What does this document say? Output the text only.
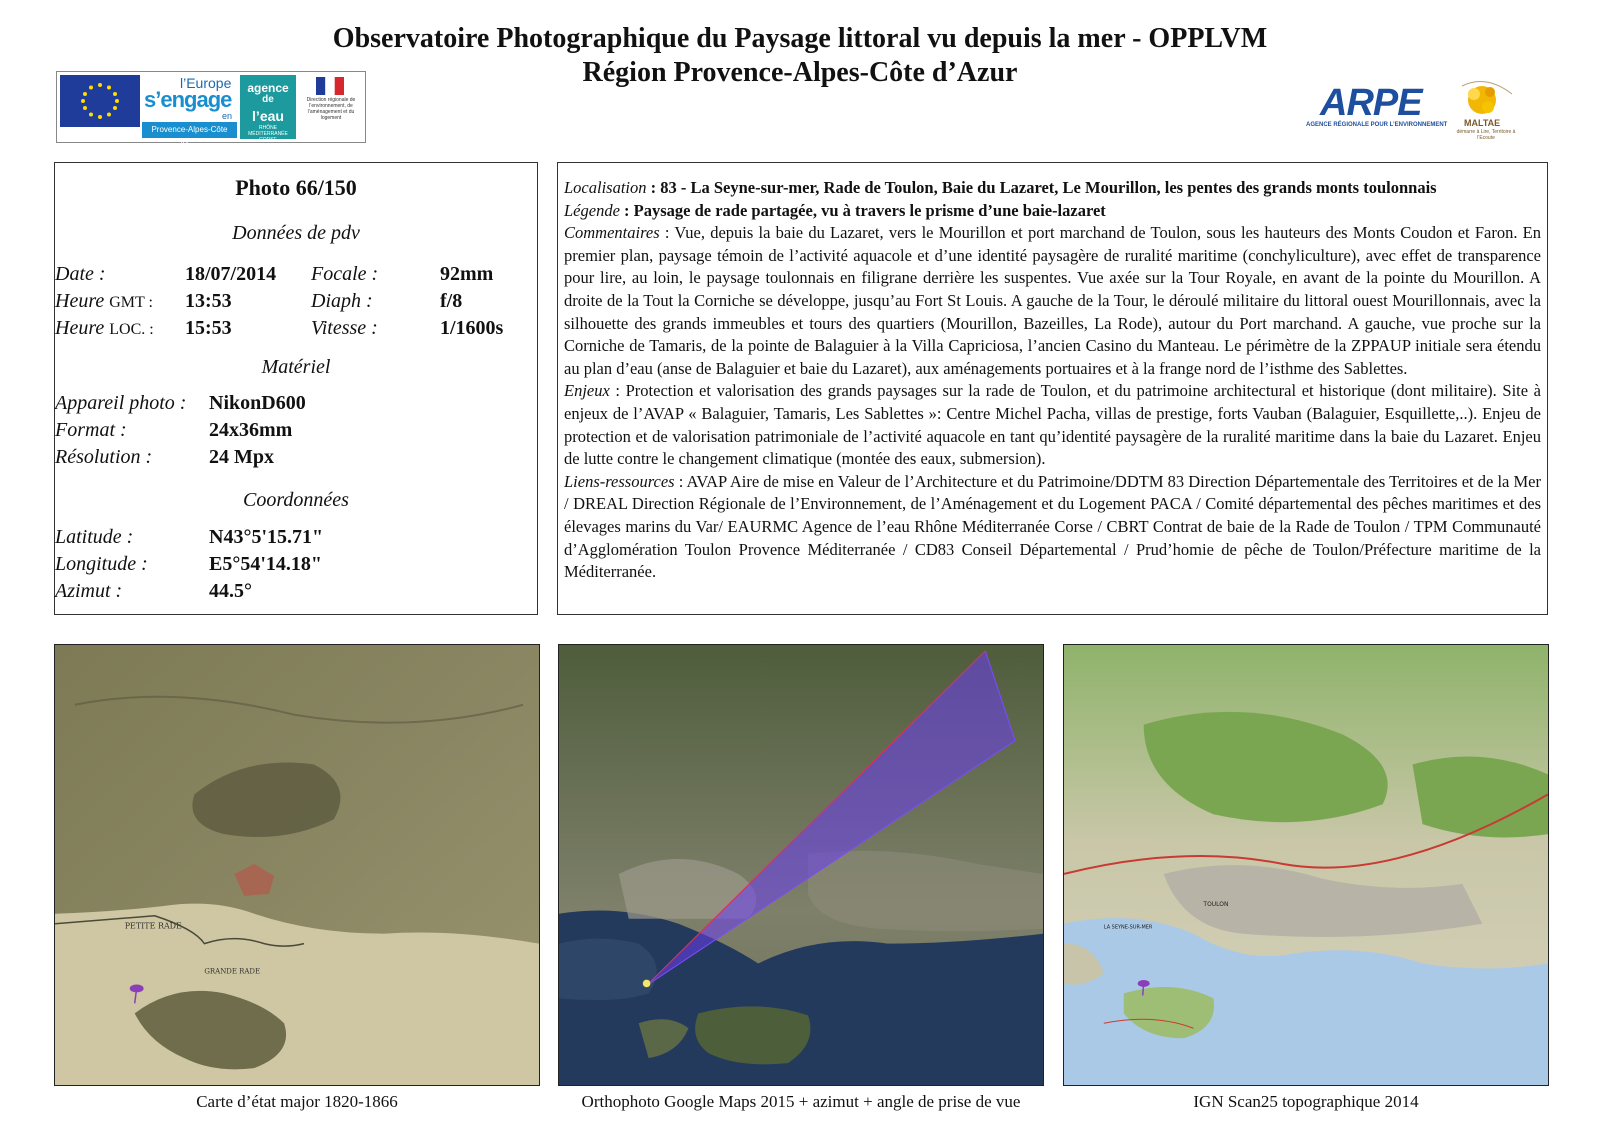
Observatoire Photographique du Paysage littoral vu depuis la mer - OPPLVM
Région Provence-Alpes-Côte d’Azur
l’Europe
s’engage
en
Provence-Alpes-Côte d’Azur
agence
de
l’eau
RHÔNE MÉDITERRANÉE CORSE
Direction régionale de l’environnement, de l’aménagement et du logement	ARPE
AGENCE RÉGIONALE POUR L’ENVIRONNEMENT MALTAE
démarre à Lire, Territoire à l’Ecoute
Photo 66/150
Données de pdv
Date :	18/07/2014 Focale :	92mm
Heure GMT : 13:53	Diaph :	f/8
Heure LOC. : 15:53	Vitesse :	1/1600s
Matériel
Appareil photo : NikonD600
Format :	24x36mm
Résolution :	24 Mpx
Coordonnées
Latitude :	N43°5'15.71"
Longitude :	E5°54'14.18"
Azimut :	44.5°

Localisation : 83 - La Seyne-sur-mer, Rade de Toulon, Baie du Lazaret, Le Mourillon, les pentes des grands monts toulonnais

Légende : Paysage de rade partagée, vu à travers le prisme d’une baie-lazaret

Commentaires : Vue, depuis la baie du Lazaret, vers le Mourillon et port marchand de Toulon, sous les hauteurs des Monts Coudon et Faron. En premier plan, paysage témoin de l’activité aquacole et d’une identité paysagère de ruralité maritime (conchyliculture), avec effet de transparence pour lire, au loin, le paysage toulonnais en filigrane derrière les suspentes. Vue axée sur la Tour Royale, en avant de la pointe du Mourillon. A droite de la Tout la Corniche se développe, jusqu’au Fort St Louis. A gauche de la Tour, le déroulé militaire du littoral ouest Mourillonnais, avec la silhouette des grands immeubles et tours des quartiers (Mourillon, Bazeilles, La Rode), autour du Port marchand. A gauche, vue proche sur la Corniche de Tamaris, de la pointe de Balaguier à la Villa Capriciosa, l’ancien Casino du Manteau. Le périmètre de la ZPPAUP initiale sera étendu au plan d’eau (anse de Balaguier et baie du Lazaret), aux aménagements portuaires et à la frange nord de l’isthme des Sablettes.

Enjeux : Protection et valorisation des grands paysages sur la rade de Toulon, et du patrimoine architectural et historique (dont militaire). Site à enjeux de l’AVAP « Balaguier, Tamaris, Les Sablettes »: Centre Michel Pacha, villas de prestige, forts Vauban (Balaguier, Esquillette,..). Enjeu de protection et de valorisation patrimoniale de l’activité aquacole en tant qu’identité paysagère de la ruralité maritime dans la baie du Lazaret. Enjeu de lutte contre le changement climatique (montée des eaux, submersion).

Liens-ressources : AVAP Aire de mise en Valeur de l’Architecture et du Patrimoine/DDTM 83 Direction Départementale des Territoires et de la Mer / DREAL Direction Régionale de l’Environnement, de l’Aménagement et du Logement PACA / Comité départemental des pêches maritimes et des élevages marins du Var/ EAURMC Agence de l’eau Rhône Méditerranée Corse / CBRT Contrat de baie de la Rade de Toulon / TPM Communauté d’Agglomération Toulon Provence Méditerranée / CD83 Conseil Départemental / Prud’homie de pêche de Toulon/Préfecture maritime de la Méditerranée.

PETITE RADE
GRANDE RADE
TOULON
LA SEYNE-SUR-MER
Carte d’état major 1820-1866	Orthophoto Google Maps 2015 + azimut + angle de prise de vue	IGN Scan25 topographique 2014
